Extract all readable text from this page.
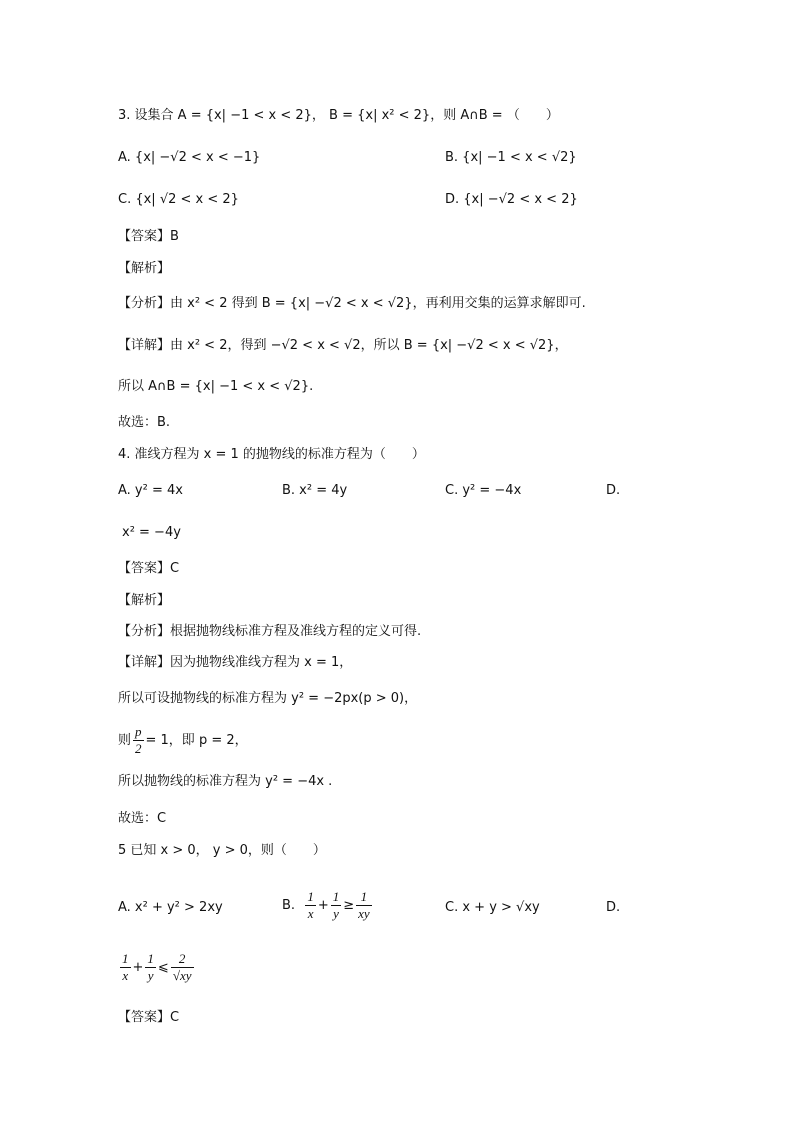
3. 设集合 A = {x| −1 < x < 2}， B = {x| x² < 2}，则 A∩B = （　　）
A. {x| −√2 < x < −1}	B. {x| −1 < x < √2}
C. {x| √2 < x < 2}	D. {x| −√2 < x < 2}
【答案】B
【解析】
【分析】由 x² < 2 得到 B = {x| −√2 < x < √2}，再利用交集的运算求解即可.
【详解】由 x² < 2，得到 −√2 < x < √2，所以 B = {x| −√2 < x < √2}，
所以 A∩B = {x| −1 < x < √2}.
故选：B.
4. 准线方程为 x = 1 的抛物线的标准方程为（　　）
A. y² = 4x	B. x² = 4y	C. y² = −4x	D.
x² = −4y
【答案】C
【解析】
【分析】根据抛物线标准方程及准线方程的定义可得.
【详解】因为抛物线准线方程为 x = 1，
所以可设抛物线的标准方程为 y² = −2px(p > 0)，
则 $\frac{p}{2} = 1$，即 p = 2，
所以抛物线的标准方程为 y² = −4x .
故选：C
5 已知 x > 0， y > 0，则（　　）
A. x² + y² > 2xy	B. $\frac{1}{x} + \frac{1}{y} \ge \frac{1}{xy}$	C. x + y > √xy	D.
$\frac{1}{x} + \frac{1}{y}$ ⩽ $\frac{2}{√xy}$
【答案】C
